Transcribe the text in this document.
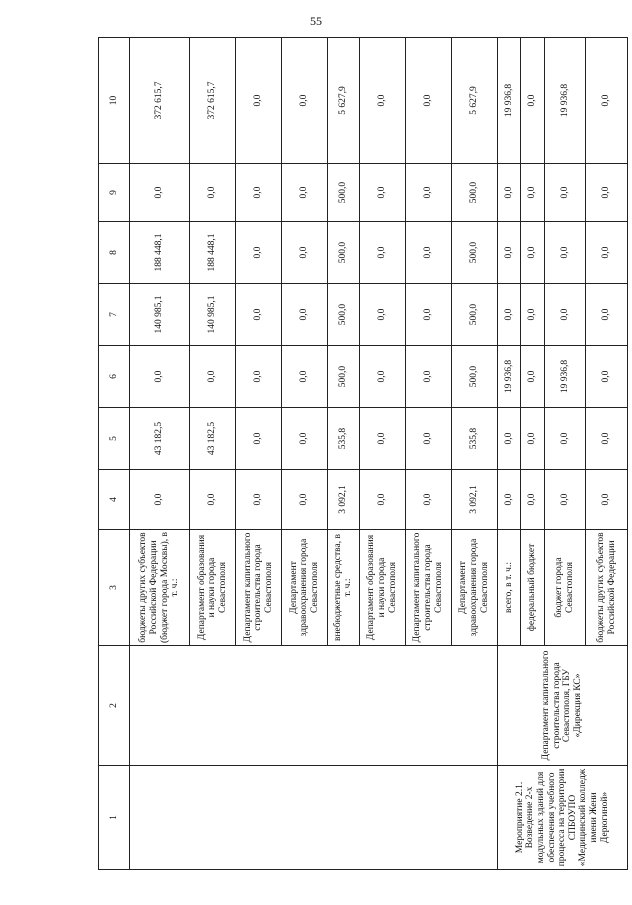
55
1	2	3	4	5	6	7	8	9	10
		бюджеты других субъектов Российской Федерации (бюджет города Москвы), в т. ч.:	0,0	43 182,5	0,0	140 985,1	188 448,1	0,0	372 615,7
		Департамент образования и науки города Севастополя	0,0	43 182,5	0,0	140 985,1	188 448,1	0,0	372 615,7
		Департамент капитального строительства города Севастополя	0,0	0,0	0,0	0,0	0,0	0,0	0,0
		Департамент здравоохранения города Севастополя	0,0	0,0	0,0	0,0	0,0	0,0	0,0
		внебюджетные средства, в т. ч.:	3 092,1	535,8	500,0	500,0	500,0	500,0	5 627,9
		Департамент образования и науки города Севастополя	0,0	0,0	0,0	0,0	0,0	0,0	0,0
		Департамент капитального строительства города Севастополя	0,0	0,0	0,0	0,0	0,0	0,0	0,0
		Департамент здравоохранения города Севастополя	3 092,1	535,8	500,0	500,0	500,0	500,0	5 627,9
Мероприятие 2.1. Возведение 2-х модульных зданий для обеспечения учебного процесса на территории СПБОУПО «Медицинский колледж имени Жени Дерюгиной»	Департамент капитального строительства города Севастополя, ГБУ «Дирекция КС»	всего, в т. ч.:	0,0	0,0	19 936,8	0,0	0,0	0,0	19 936,8
		федеральный бюджет	0,0	0,0	0,0	0,0	0,0	0,0	0,0
		бюджет города Севастополя	0,0	0,0	19 936,8	0,0	0,0	0,0	19 936,8
		бюджеты других субъектов Российской Федерации	0,0	0,0	0,0	0,0	0,0	0,0	0,0
